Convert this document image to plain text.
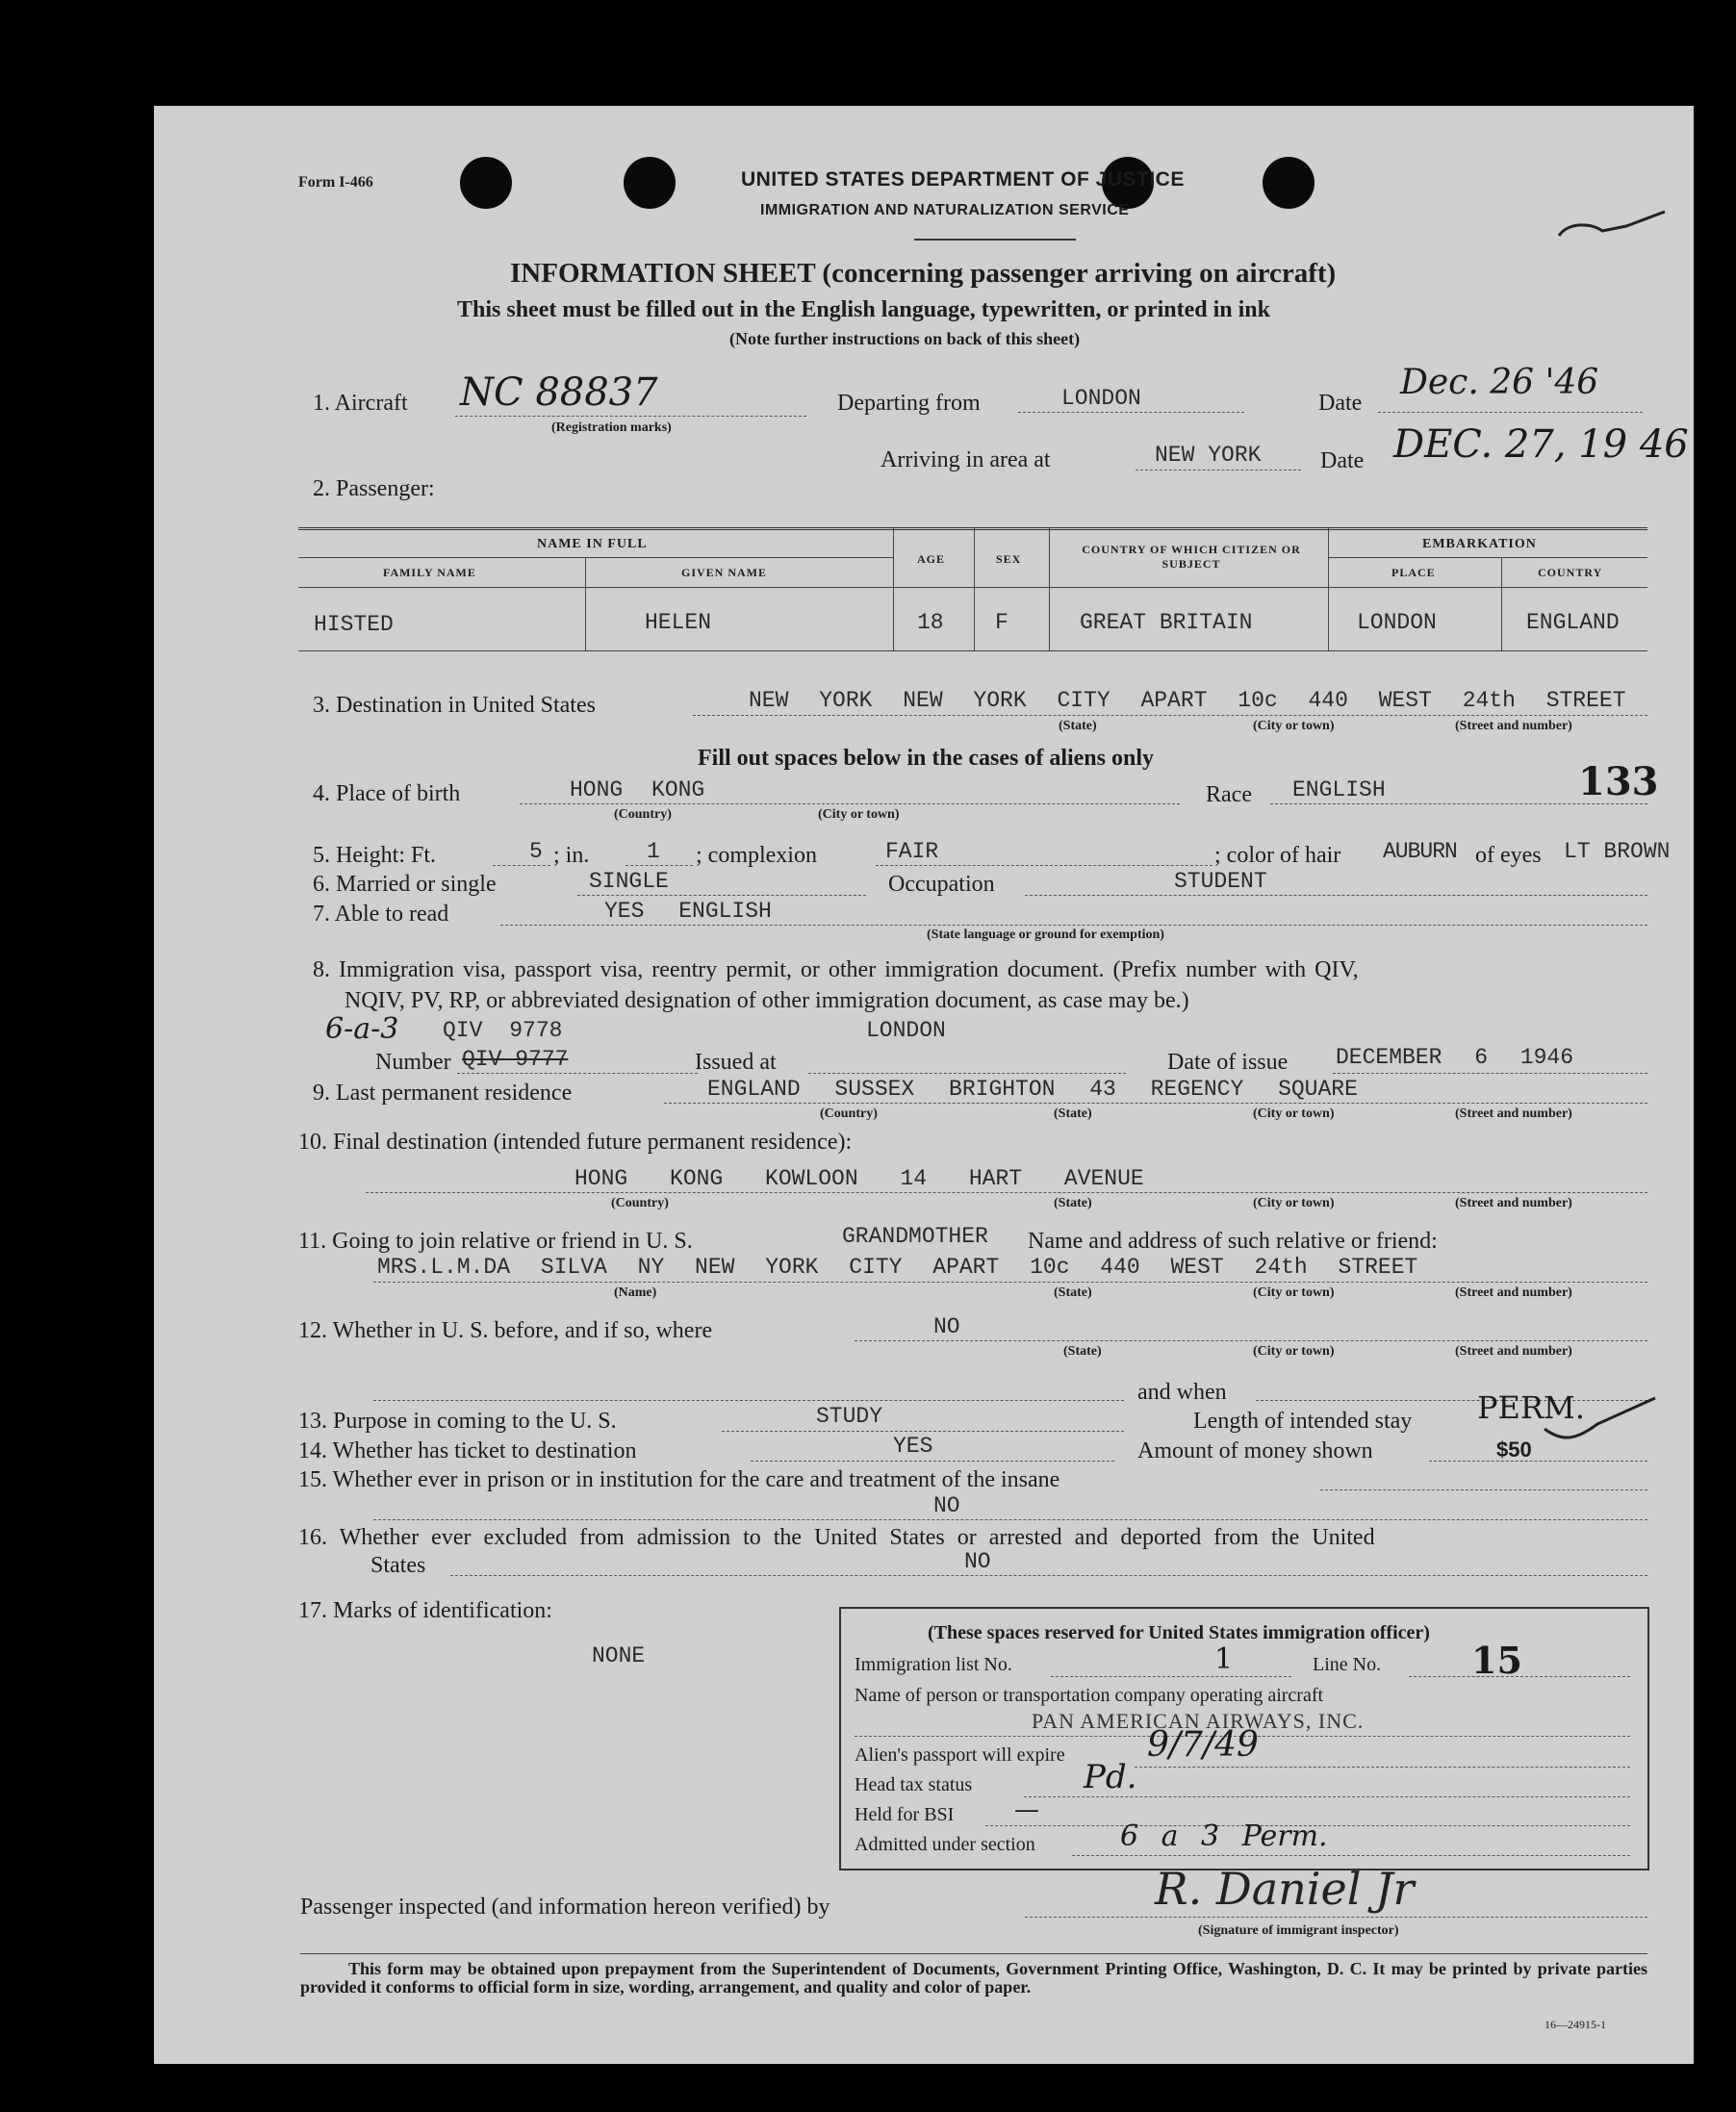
Form I-466	UNITED STATES DEPARTMENT OF JUSTICE
IMMIGRATION AND NATURALIZATION SERVICE
INFORMATION SHEET (concerning passenger arriving on aircraft)
This sheet must be filled out in the English language, typewritten, or printed in ink
(Note further instructions on back of this sheet)
1. Aircraft NC 88837
(Registration marks)
Departing from	LONDON	Date
Dec. 26 '46
Arriving in area at	NEW YORK	Date DEC. 27, 19 46
2. Passenger:
NAME IN FULL
FAMILY NAME	GIVEN NAME
AGE	SEX
COUNTRY OF WHICH CITIZEN OR SUBJECT
EMBARKATION
PLACE	COUNTRY
HISTED	HELEN	18 F	GREAT BRITAIN	LONDON	ENGLAND
3. Destination in United States	NEW YORK NEW YORK CITY APART 10c 440 WEST 24th STREET
(State)	(City or town)	(Street and number)
Fill out spaces below in the cases of aliens only
133
4. Place of birth	HONG KONG
(Country)	(City or town)
Race ENGLISH
5. Height: Ft.	5 ; in.	1 ; complexion	FAIR	; color of hair AUBURN of eyes LT BROWN
6. Married or single	SINGLE	Occupation	STUDENT
7. Able to read	YES ENGLISH
(State language or ground for exemption)
8. Immigration visa, passport visa, reentry permit, or other immigration document. (Prefix number with QIV,
NQIV, PV, RP, or abbreviated designation of other immigration document, as case may be.)
6-a-3 QIV 9778	LONDON
Number QIV 9777	Issued at	Date of issue DECEMBER 6 1946
9. Last permanent residence	ENGLAND SUSSEX BRIGHTON 43 REGENCY SQUARE
(Country)	(State)	(City or town)	(Street and number)
10. Final destination (intended future permanent residence):
HONG KONG KOWLOON 14 HART AVENUE
(Country)	(State)	(City or town)	(Street and number)
11. Going to join relative or friend in U. S.	GRANDMOTHER Name and address of such relative or friend:
MRS.L.M.DA SILVA NY NEW YORK CITY APART 10c 440 WEST 24th STREET
(Name)	(State)	(City or town)	(Street and number)
12. Whether in U. S. before, and if so, where	NO
(State)	(City or town)	(Street and number)
and when
13. Purpose in coming to the U. S.	STUDY	Length of intended stay PERM.
14. Whether has ticket to destination	YES	Amount of money shown	$50
15. Whether ever in prison or in institution for the care and treatment of the insane
NO
16. Whether ever excluded from admission to the United States or arrested and deported from the United
States	NO
17. Marks of identification:
NONE
(These spaces reserved for United States immigration officer)
Immigration list No.	1	Line No. 15
Name of person or transportation company operating aircraft
PAN AMERICAN AIRWAYS, INC.
Alien's passport will expire 9/7/49
Head tax status	Pd.
Held for BSI —
Admitted under section	6 a 3 Perm.
Passenger inspected (and information hereon verified) by	R. Daniel Jr
(Signature of immigrant inspector)
This form may be obtained upon prepayment from the Superintendent of Documents, Government Printing Office, Washington, D. C. It may be printed by private parties provided it conforms to official form in size, wording, arrangement, and quality and color of paper.
16—24915-1
